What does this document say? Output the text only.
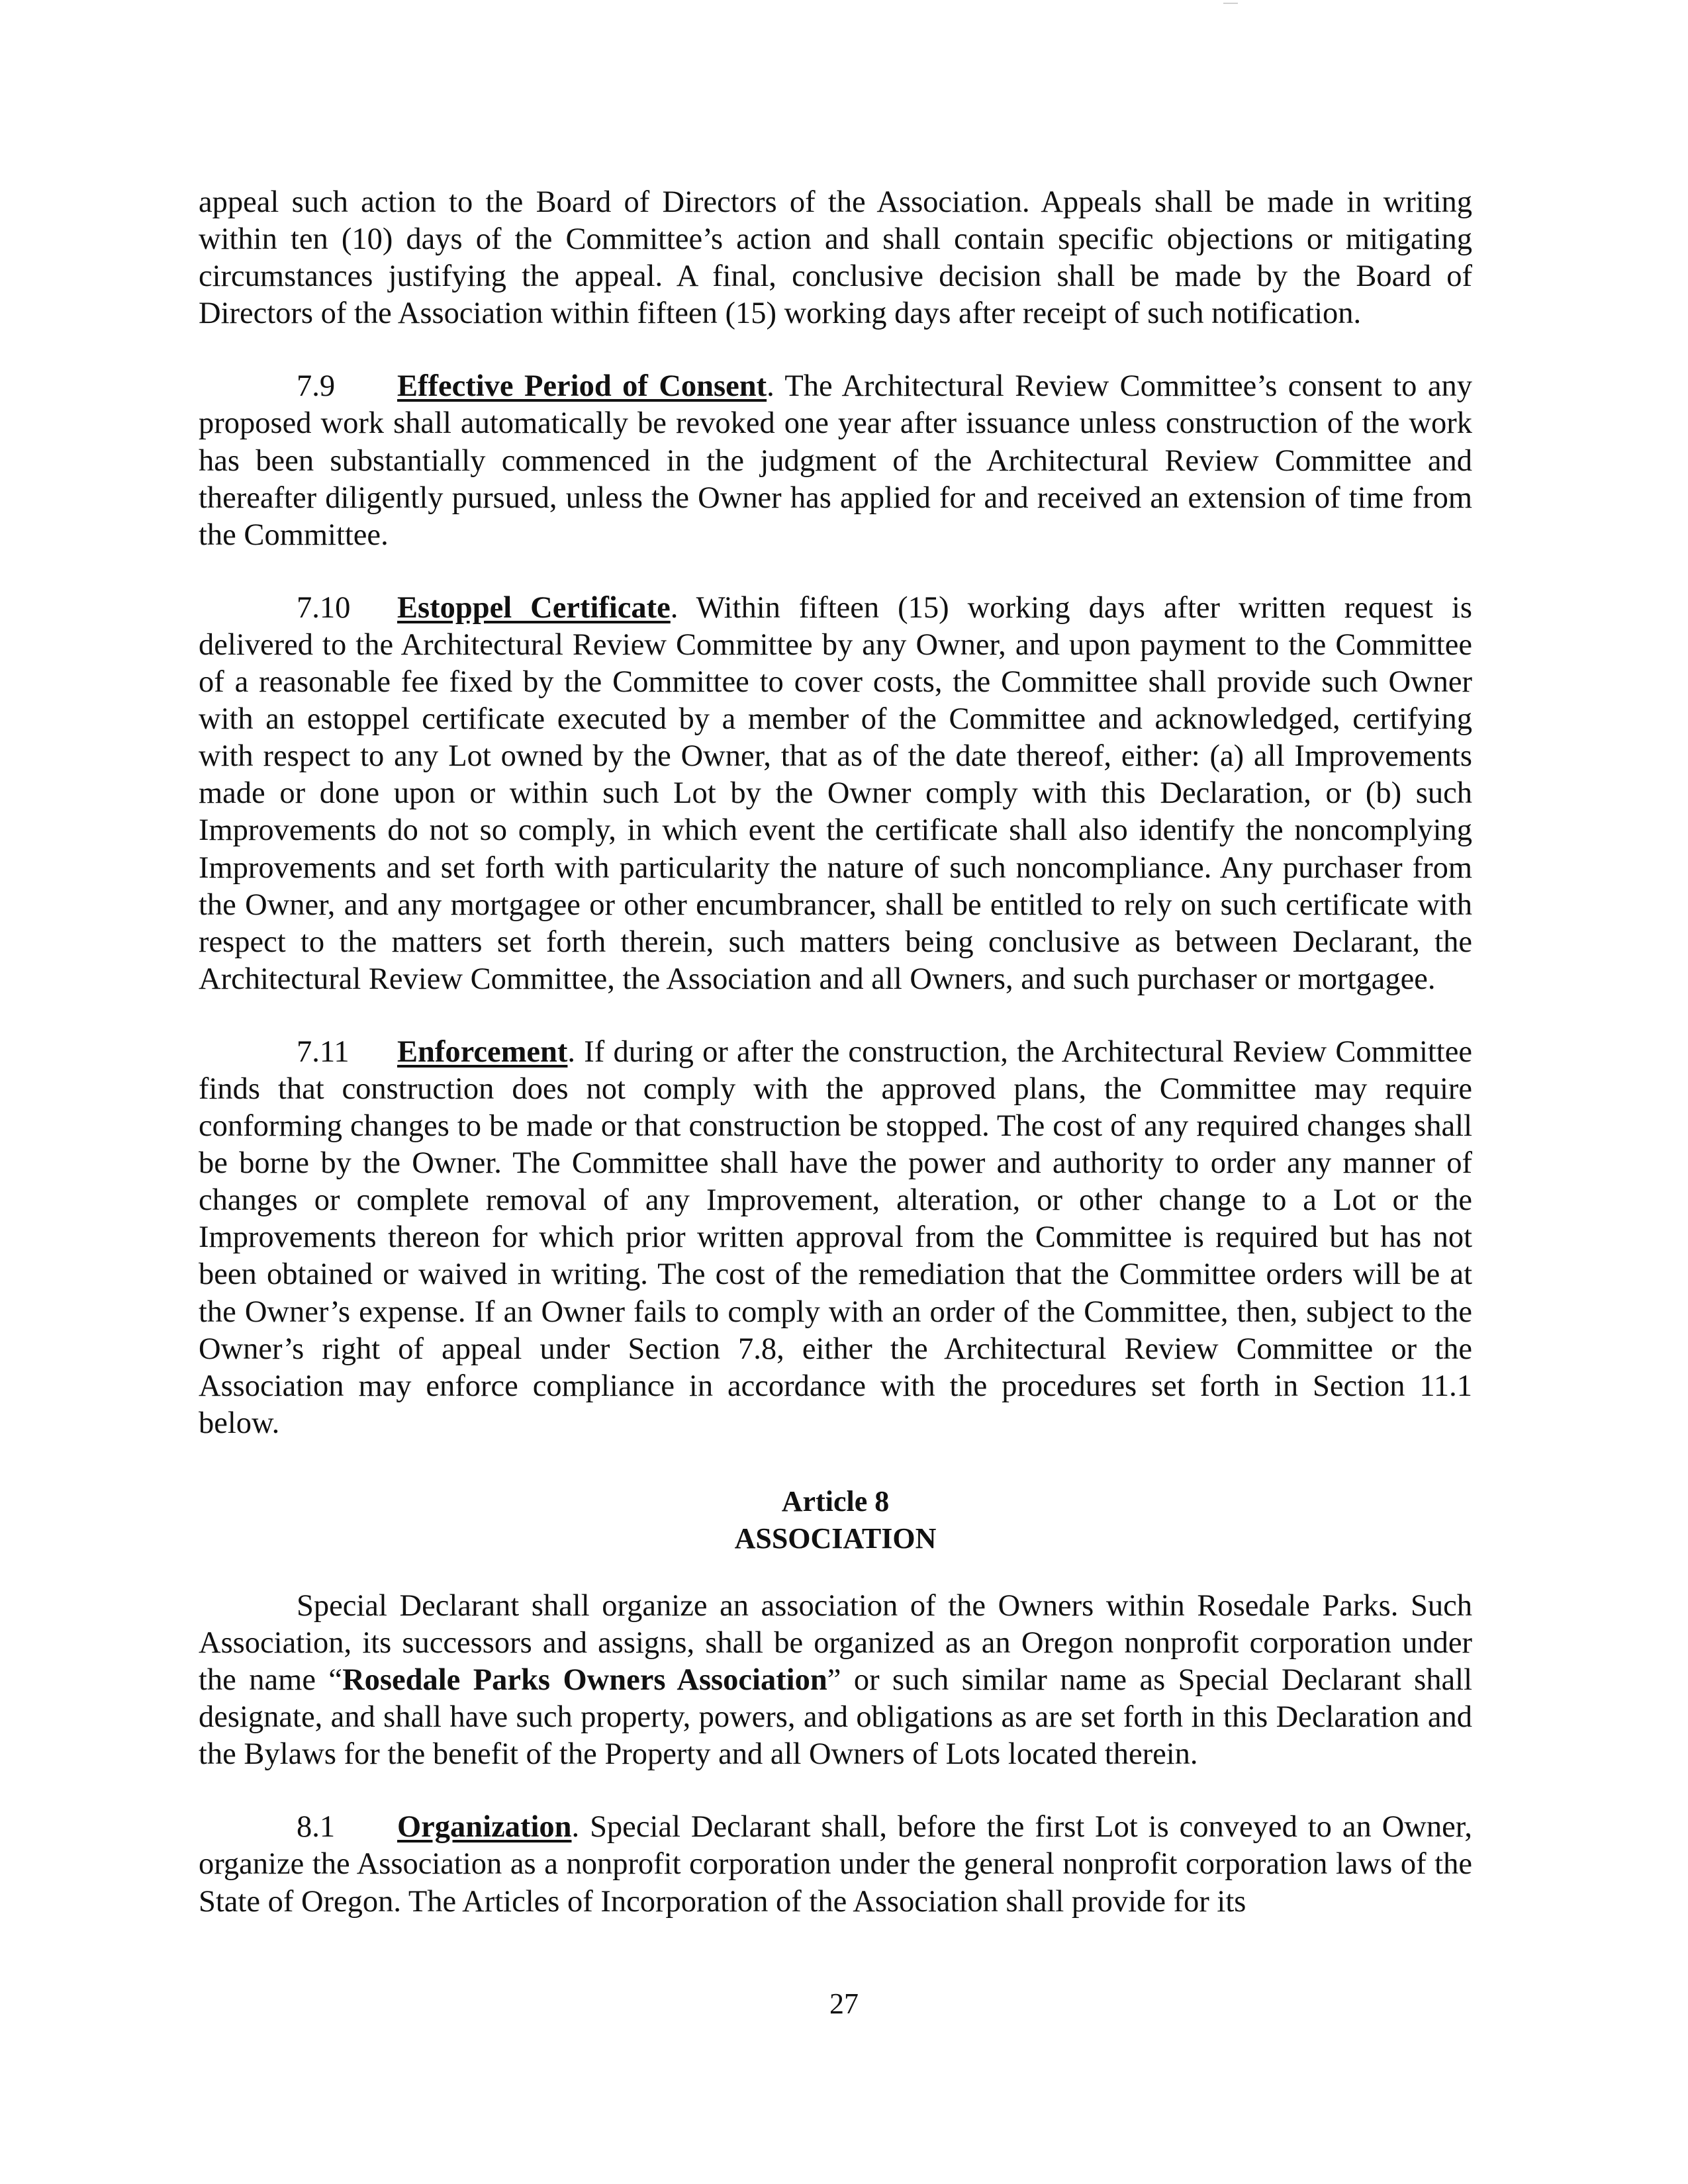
appeal such action to the Board of Directors of the Association. Appeals shall be made in writing within ten (10) days of the Committee’s action and shall contain specific objections or mitigating circumstances justifying the appeal. A final, conclusive decision shall be made by the Board of Directors of the Association within fifteen (15) working days after receipt of such notification.

7.9 Effective Period of Consent. The Architectural Review Committee’s consent to any proposed work shall automatically be revoked one year after issuance unless construction of the work has been substantially commenced in the judgment of the Architectural Review Committee and thereafter diligently pursued, unless the Owner has applied for and received an extension of time from the Committee.

7.10 Estoppel Certificate. Within fifteen (15) working days after written request is delivered to the Architectural Review Committee by any Owner, and upon payment to the Committee of a reasonable fee fixed by the Committee to cover costs, the Committee shall provide such Owner with an estoppel certificate executed by a member of the Committee and acknowledged, certifying with respect to any Lot owned by the Owner, that as of the date thereof, either: (a) all Improvements made or done upon or within such Lot by the Owner comply with this Declaration, or (b) such Improvements do not so comply, in which event the certificate shall also identify the noncomplying Improvements and set forth with particularity the nature of such noncompliance. Any purchaser from the Owner, and any mortgagee or other encumbrancer, shall be entitled to rely on such certificate with respect to the matters set forth therein, such matters being conclusive as between Declarant, the Architectural Review Committee, the Association and all Owners, and such purchaser or mortgagee.

7.11 Enforcement. If during or after the construction, the Architectural Review Committee finds that construction does not comply with the approved plans, the Committee may require conforming changes to be made or that construction be stopped. The cost of any required changes shall be borne by the Owner. The Committee shall have the power and authority to order any manner of changes or complete removal of any Improvement, alteration, or other change to a Lot or the Improvements thereon for which prior written approval from the Committee is required but has not been obtained or waived in writing. The cost of the remediation that the Committee orders will be at the Owner’s expense. If an Owner fails to comply with an order of the Committee, then, subject to the Owner’s right of appeal under Section 7.8, either the Architectural Review Committee or the Association may enforce compliance in accordance with the procedures set forth in Section 11.1 below.

Article 8
ASSOCIATION

Special Declarant shall organize an association of the Owners within Rosedale Parks. Such Association, its successors and assigns, shall be organized as an Oregon nonprofit corporation under the name “Rosedale Parks Owners Association” or such similar name as Special Declarant shall designate, and shall have such property, powers, and obligations as are set forth in this Declaration and the Bylaws for the benefit of the Property and all Owners of Lots located therein.

8.1 Organization. Special Declarant shall, before the first Lot is conveyed to an Owner, organize the Association as a nonprofit corporation under the general nonprofit corporation laws of the State of Oregon. The Articles of Incorporation of the Association shall provide for its

27
